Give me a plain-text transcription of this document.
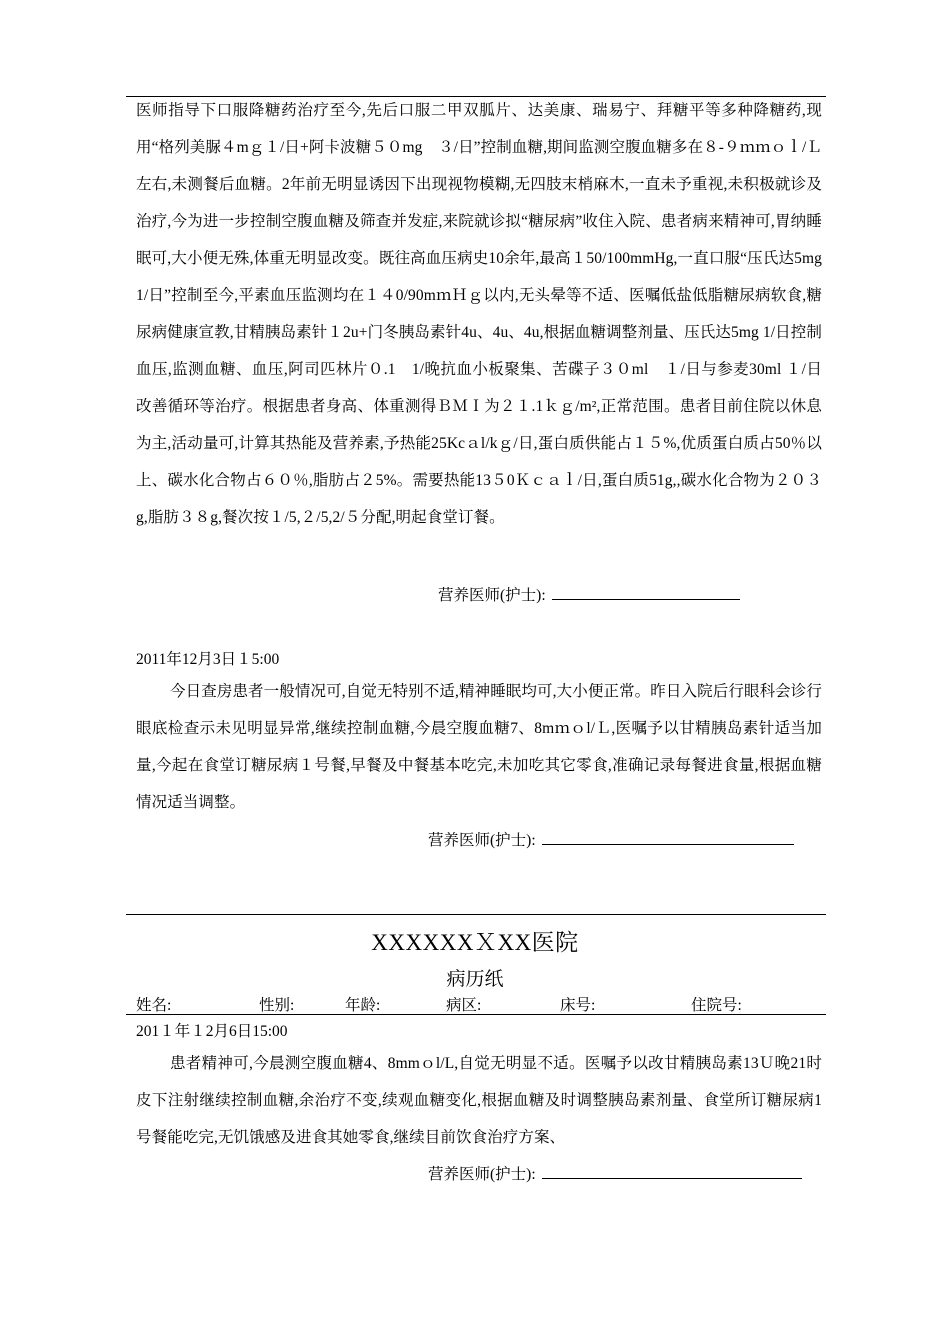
医师指导下口服降糖药治疗至今,先后口服二甲双胍片、达美康、瑞易宁、拜糖平等多种降糖药,现用“格列美脲４mｇ１/日+阿卡波糖５０mg　３/日”控制血糖,期间监测空腹血糖多在８-９ｍｍｏｌ/Ｌ左右,未测餐后血糖。2年前无明显诱因下出现视物模糊,无四肢末梢麻木,一直未予重视,未积极就诊及治疗,今为进一步控制空腹血糖及筛查并发症,来院就诊拟“糖尿病”收住入院、患者病来精神可,胃纳睡眠可,大小便无殊,体重无明显改变。既往高血压病史10余年,最高１50/100mmHg,一直口服“压氏达5mg　1/日”控制至今,平素血压监测均在１４0/90mｍＨｇ以内,无头晕等不适、医嘱低盐低脂糖尿病软食,糖尿病健康宣教,甘精胰岛素针１2u+门冬胰岛素针4u、4u、4u,根据血糖调整剂量、压氏达5mg 1/日控制血压,监测血糖、血压,阿司匹林片０.1　1/晚抗血小板聚集、苦碟子３０ml　１/日与参麦30ml １/日改善循环等治疗。根据患者身高、体重测得ＢＭＩ为２１.1ｋｇ/m²,正常范围。患者目前住院以休息为主,活动量可,计算其热能及营养素,予热能25Kcａl/kｇ/日,蛋白质供能占１５%,优质蛋白质占50％以上、碳水化合物占６０％,脂肪占２5%。需要热能13５0Ｋｃａｌ/日,蛋白质51g,,碳水化合物为２０３g,脂肪３８g,餐次按１/5,２/5,2/５分配,明起食堂订餐。
营养医师(护士):
2011年12月3日１5:00
今日查房患者一般情况可,自觉无特别不适,精神睡眠均可,大小便正常。昨日入院后行眼科会诊行眼底检查示未见明显异常,继续控制血糖,今晨空腹血糖7、8mｍｏl/Ｌ,医嘱予以甘精胰岛素针适当加量,今起在食堂订糖尿病１号餐,早餐及中餐基本吃完,未加吃其它零食,准确记录每餐进食量,根据血糖情况适当调整。
营养医师(护士):
XXXXXXＸXX医院
病历纸
姓名:	性别:	年龄:	病区:	床号:	住院号:
201１年１2月6日15:00
患者精神可,今晨测空腹血糖4、8mmｏl/L,自觉无明显不适。医嘱予以改甘精胰岛素13Ｕ晚21时皮下注射继续控制血糖,余治疗不变,续观血糖变化,根据血糖及时调整胰岛素剂量、食堂所订糖尿病1号餐能吃完,无饥饿感及进食其她零食,继续目前饮食治疗方案、
营养医师(护士):
